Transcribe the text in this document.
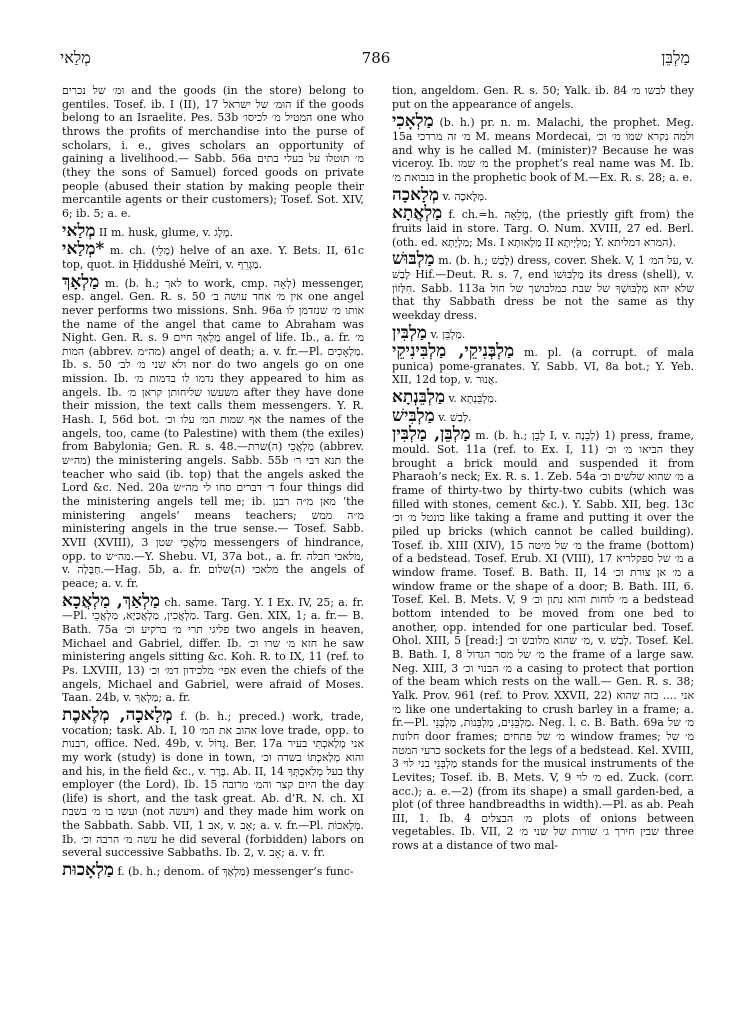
מְלַאי	786	מַלְבֵּן

וּמ׳ של נכרים and the goods (in the store) belong to gentiles. Tosef. ib. I (II), 17 הוּמ׳ של ישראל if the goods belong to an Israelite. Pes. 53b המטיל מ׳ לכיסו׳ one who throws the profits of merchandise into the purse of scholars, i. e., gives scholars an opportunity of gaining a livelihood.— Sabb. 56a מ׳ תוטלו על בעלי בתים (they the sons of Samuel) forced goods on private people (abused their station by making people their mercantile agents or their customers); Tosef. Sot. XIV, 6; ib. 5; a. e.

מְלַאי II m. husk, glume, v. מֶלֶג.

*מְלַאי m. ch. (מְלֵי) helve of an axe. Y. Bets. II, 61c top, quot. in Ḥiddushé Meïri, v. מַגְרֵף.

מַלְאָךְ m. (b. h.; לאך to work, cmp. לְאָה) messenger, esp. angel. Gen. R. s. 50 אין מ׳ אחד עושה ב׳ one angel never performs two missions. Snh. 96a אותו מ׳ שנזדמן לו the name of the angel that came to Abraham was Night. Gen. R. s. 9 מַלְאַךְ חיים angel of life. Ib., a. fr. מ׳ המות (abbrev. מה״מ) angel of death; a. v. fr.—Pl. מַלְאָכִים. Ib. s. 50 ולא שני מ׳ לב׳ nor do two angels go on one mission. Ib. נדמו לו בדמות מ׳ they appeared to him as angels. Ib. משעשו שליחותן קראן מ׳ after they have done their mission, the text calls them messengers. Y. R. Hash. I, 56d bot. אף שמות המ׳ עלו וכ׳ the names of the angels, too, came (to Palestine) with them (the exiles) from Babylonia; Gen. R. s. 48.—מַלְאֲכֵי (ה)שרת (abbrev. מה״ש) the ministering angels. Sabb. 55b תנא דבי ר׳ the teacher who said (ib. top) that the angels asked the Lord &c. Ned. 20a ד׳ דברים סחו לי מה״ש four things did the ministering angels tell me; ib. מאן מ״ה רבנן ‘the ministering angels’ means teachers; מ״ה ממש ministering angels in the true sense.— Tosef. Sabb. XVII (XVIII), 3 מַלְאֲכֵי שטן messengers of hindrance, opp. to מה״ש.—Y. Shebu. VI, 37a bot., a. fr. מלאכי חבלה, v. חַבָּלָה.—Hag. 5b, a. fr. מלאכי (ה)שלום the angels of peace; a. v. fr.

מַלְאַךְ, מַלְאֲכָא ch. same. Targ. Y. I Ex. IV, 25; a. fr.—Pl. מַלְאֲכִין, מַלְאֲכַיָּא, מַלְאֲכֵי. Targ. Gen. XIX, 1; a. fr.— B. Bath. 75a פליגי תרי מ׳ ברקיע וכ׳ two angels in heaven, Michael and Gabriel, differ. Ib. חזא מ׳ שרו וכ׳ he saw ministering angels sitting &c. Koh. R. to IX, 11 (ref. to Ps. LXVIII, 13) אפי׳ מלכידון דמ׳ וכ׳ even the chiefs of the angels, Michael and Gabriel, were afraid of Moses. Taan. 24b, v. מַלְאַךְ; a. fr.

מְלָאכָה, מְלֶאכֶת f. (b. h.; preced.) work, trade, vocation; task. Ab. I, 10 אהוב את המ׳ love trade, opp. to רבנות, office. Ned. 49b, v. גָּדוֹל. Ber. 17a אני מְלַאכְתִּי בעיר my work (study) is done in town, והוא מְלַאכְתּוֹ בשדה וכ׳ and his, in the field &c., v. בָּרָר. Ab. II, 14 בעל מְלַאכְתְּךָ thy employer (the Lord). Ib. 15 היום קצר והמ׳ מרובה the day (life) is short, and the task great. Ab. d’R. N. ch. XI ועשו בו מ׳ בשבת (not ויעשה) and they made him work on the Sabbath. Sabb. VII, 1 אב, v. אָב; a. v. fr.—Pl. מְלָאכוֹת. Ib. עשה מ׳ הרבה וכ׳ he did several (forbidden) labors on several successive Sabbaths. Ib. 2, v. אָב; a. v. fr.

מַלְאָכוּת f. (b. h.; denom. of מַלְאָךְ) messenger’s func-

tion, angeldom. Gen. R. s. 50; Yalk. ib. 84 לבשו מ׳ they put on the appearance of angels.

מַלְאָכִי (b. h.) pr. n. m. Malachi, the prophet. Meg. 15a מ׳ זה מרדכי M. means Mordecai, ולמה נקרא שמו מ׳ וכ׳ and why is he called M. (minister)? Because he was viceroy. Ib. מ׳ שמו the prophet’s real name was M. Ib. בנבואת מ׳ in the prophetic book of M.—Ex. R. s. 28; a. e.

מְלָאכָה v. מְלָאכָה.

מַלְאֲתָא f. ch.=h. מְלֵאָה, (the priestly gift from) the fruits laid in store. Targ. O. Num. XVIII, 27 ed. Berl. (oth. ed. מַלְיָתָא; Ms. I מַלְאוּתָא II מַלְיְיתָא; Y. המרא דמליתא).

מַלְבּוּשׁ m. (b. h.; לָבַשׁ) dress, cover. Shek. V, 1 על המ׳, v. לָבַשׁ Hif.—Deut. R. s. 7, end מַלְבּוּשׁוֹ its dress (shell), v. חִלָּזוֹן. Sabb. 113a שלא יהא מַלְבּוּשְׁךָ של שבת כמלבושך של חול that thy Sabbath dress be not the same as thy weekday dress.

מַלְבִּין v. מַלְבֵּן.

מַלְבְּנִיקֵי, מַלְבִּינִיקֵי m. pl. (a corrupt. of mala punica) pome-granates. Y. Sabb. VI, 8a bot.; Y. Yeb. XII, 12d top, v. אֲנוּר.

מַלְבֵּנְתָא v. מַלְבֵּנְתָא.

מַלְבִּישׁ v. לָבַשׁ.

מַלְבֵּן, מַלְבִּין m. (b. h.; לָבֵן I, v. לְבֵנָה) 1) press, frame, mould. Sot. 11a (ref. to Ex. I, 11) הביאו מ׳ וכ׳ they brought a brick mould and suspended it from Pharaoh’s neck; Ex. R. s. 1. Zeb. 54a מ׳ שהוא שלשים וכ׳ a frame of thirty-two by thirty-two cubits (which was filled with stones, cement &c.). Y. Sabb. XII, beg. 13c כונטל מ׳ וכ׳ like taking a frame and putting it over the piled up bricks (which cannot be called building). Tosef. ib. XIII (XIV), 15 מ׳ של מיטה the frame (bottom) of a bedstead. Tosef. Erub. XI (VIII), 17 מ׳ של ספקלריא a window frame. Tosef. B. Bath. II, 14 מ׳ אן צורת וכ׳ a window frame or the shape of a door; B. Bath. III, 6. Tosef. Kel. B. Mets. V, 9 מ׳ לוחות והוא נתון וכ׳ a bedstead bottom intended to be moved from one bed to another, opp. intended for one particular bed. Tosef. Ohol. XIII, 5 [read:] מ׳ שהוא מלובש וכ׳, v. לָבַשׁ. Tosef. Kel. B. Bath. I, 8 מ׳ של מסר הגדול the frame of a large saw. Neg. XIII, 3 מ׳ הבנוי וכ׳ a casing to protect that portion of the beam which rests on the wall.— Gen. R. s. 38; Yalk. Prov. 961 (ref. to Prov. XXVII, 22) אני .... כזה שהוא מ׳ like one undertaking to crush barley in a frame; a. fr.—Pl. מַלְבֵּנִים, מַלְבֵּנוֹת, מַלְבְּנֵי. Neg. l. c. B. Bath. 69a מ׳ של חלונות door frames; מ׳ של פתחים window frames; מ׳ של כרעי המטה sockets for the legs of a bedstead. Kel. XVIII, 3 מַלְבְּנֵי בני לוי stands for the musical instruments of the Levites; Tosef. ib. B. Mets. V, 9 מ׳ לוי ed. Zuck. (corr. acc.); a. e.—2) (from its shape) a small garden-bed, a plot (of three handbreadths in width).—Pl. as ab. Peah III, 1. Ib. 4 מ׳ הבצלים plots of onions between vegetables. Ib. VII, 2 שבין חירך ג׳ שורות של שני מ׳ three rows at a distance of two mal-
